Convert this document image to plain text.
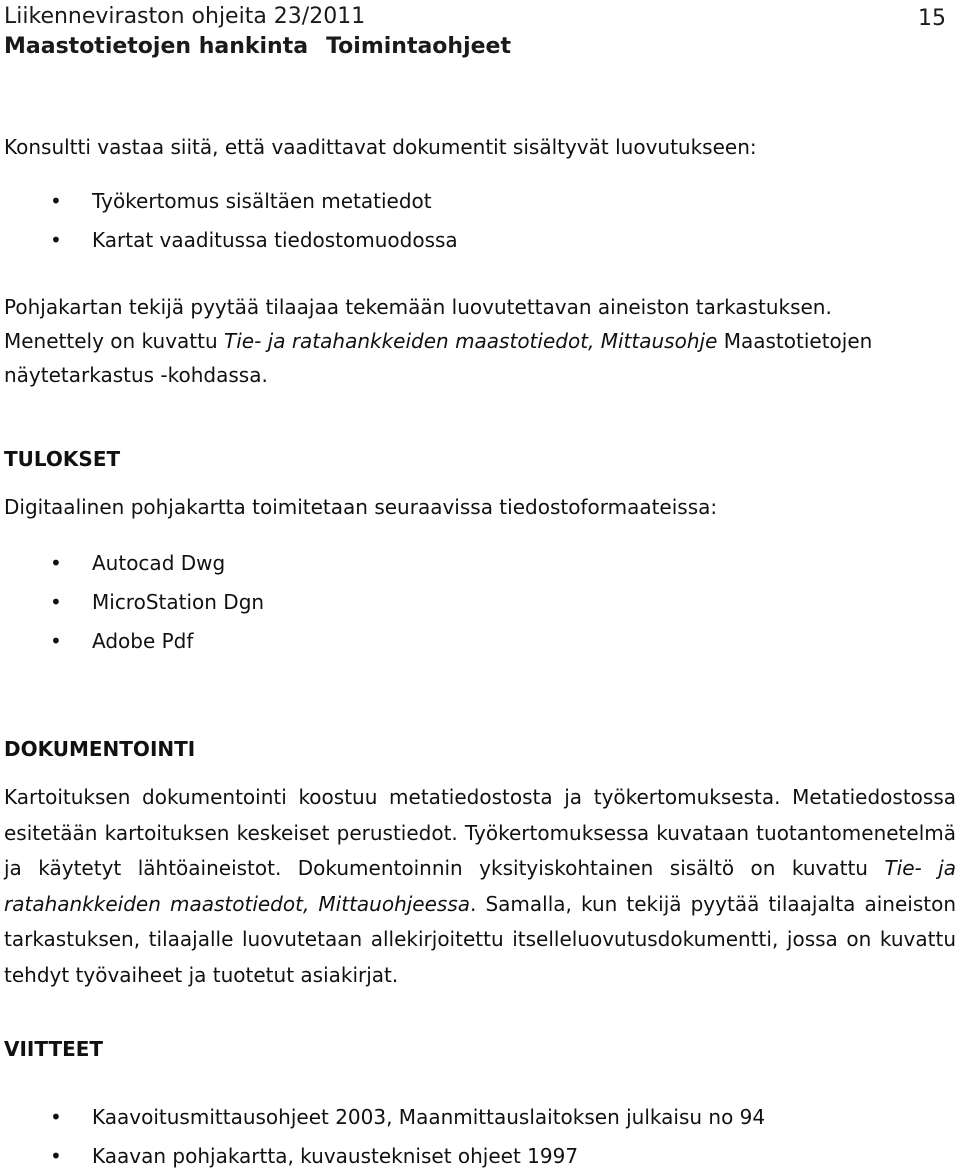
Liikenneviraston ohjeita 23/2011
Maastotietojen hankinta Toimintaohjeet
15

Konsultti vastaa siitä, että vaadittavat dokumentit sisältyvät luovutukseen:

• Työkertomus sisältäen metatiedot
• Kartat vaaditussa tiedostomuodossa
Pohjakartan tekijä pyytää tilaajaa tekemään luovutettavan aineiston tarkastuksen.
Menettely on kuvattu Tie- ja ratahankkeiden maastotiedot, Mittausohje Maastotietojen
näytetarkastus -kohdassa.
TULOKSET

Digitaalinen pohjakartta toimitetaan seuraavissa tiedostoformaateissa:

• Autocad Dwg
• MicroStation Dgn
• Adobe Pdf
DOKUMENTOINTI

Kartoituksen dokumentointi koostuu metatiedostosta ja työkertomuksesta. Metatiedostossa esitetään kartoituksen keskeiset perustiedot. Työkertomuksessa kuvataan tuotantomenetelmä ja käytetyt lähtöaineistot. Dokumentoinnin yksityiskohtainen sisältö on kuvattu Tie- ja ratahankkeiden maastotiedot, Mittauohjeessa. Samalla, kun tekijä pyytää tilaajalta aineiston tarkastuksen, tilaajalle luovutetaan allekirjoitettu itselleluovutusdokumentti, jossa on kuvattu tehdyt työvaiheet ja tuotetut asiakirjat.

VIITTEET
• Kaavoitusmittausohjeet 2003, Maanmittauslaitoksen julkaisu no 94
• Kaavan pohjakartta, kuvaustekniset ohjeet 1997
